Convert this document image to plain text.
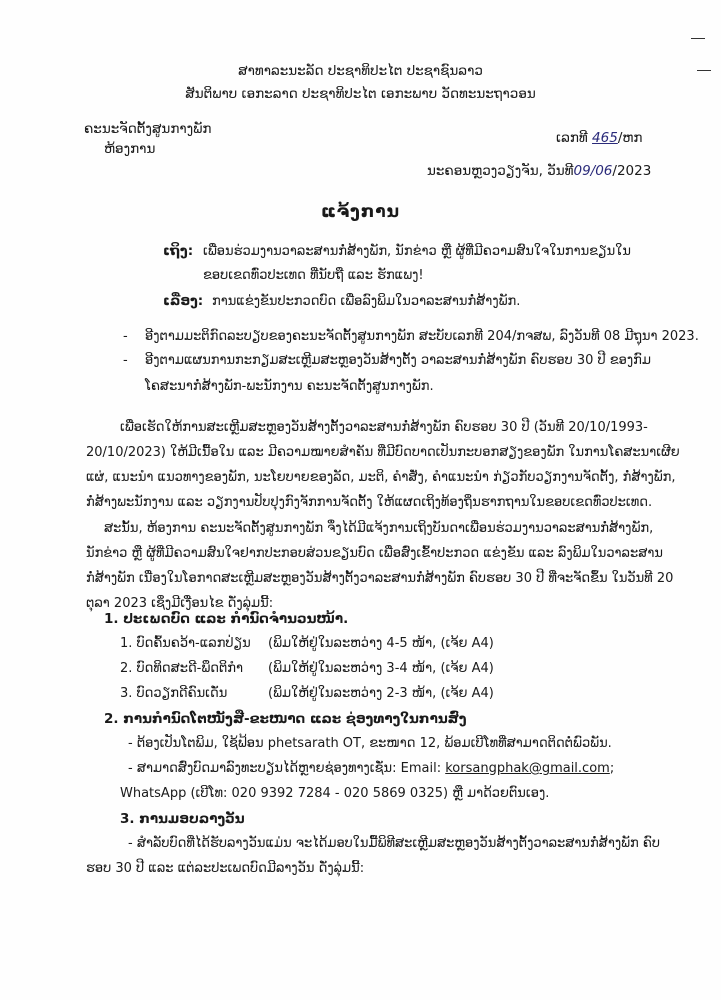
ສາທາລະນະລັດ ປະຊາທິປະໄຕ ປະຊາຊົນລາວ
ສັນຕິພາບ ເອກະລາດ ປະຊາທິປະໄຕ ເອກະພາບ ວັດທະນະຖາວອນ
ຄະນະຈັດຕັ້ງສູນກາງພັກ
ຫ້ອງການ
ເລກທີ 465/ຫກ
ນະຄອນຫຼວງວຽງຈັນ, ວັນທີ09/06/2023
ແຈ້ງການ
ເຖິງ: ເພື່ອນຮ່ວມງານວາລະສານກໍ່ສ້າງພັກ, ນັກຂ່າວ ຫຼື ຜູ້ທີ່ມີຄວາມສົນໃຈໃນການຂຽນໃນ
ຂອບເຂດທົ່ວປະເທດ ທີ່ນັບຖື ແລະ ຮັກແພງ!
ເລື່ອງ: ການແຂ່ງຂັນປະກວດບົດ ເພື່ອລົງພິມໃນວາລະສານກໍ່ສ້າງພັກ.
- ອີງຕາມມະຕິກົດລະບຽບຂອງຄະນະຈັດຕັ້ງສູນກາງພັກ ສະບັບເລກທີ 204/ກຈສພ, ລົງວັນທີ 08 ມີຖຸນາ 2023.
- ອີງຕາມແຜນການກະກຽມສະເຫຼີມສະຫຼອງວັນສ້າງຕັ້ງ ວາລະສານກໍ່ສ້າງພັກ ຄົບຮອບ 30 ປີ ຂອງກົມ
ໂຄສະນາກໍ່ສ້າງພັກ-ພະນັກງານ ຄະນະຈັດຕັ້ງສູນກາງພັກ.
ເພື່ອເຮັດໃຫ້ການສະເຫຼີມສະຫຼອງວັນສ້າງຕັ້ງວາລະສານກໍ່ສ້າງພັກ ຄົບຮອບ 30 ປີ (ວັນທີ 20/10/1993-
20/10/2023) ໃຫ້ມີເນື້ອໃນ ແລະ ມີຄວາມໝາຍສໍາຄັນ ທີ່ມີບົດບາດເປັນກະບອກສຽງຂອງພັກ ໃນການໂຄສະນາເຜີຍ
ແຜ່, ແນະນໍາ ແນວທາງຂອງພັກ, ນະໂຍບາຍຂອງລັດ, ມະຕິ, ຄໍາສັ່ງ, ຄໍາແນະນໍາ ກ່ຽວກັບວຽກງານຈັດຕັ້ງ, ກໍ່ສ້າງພັກ,
ກໍ່ສ້າງພະນັກງານ ແລະ ວຽກງານປັບປຸງກົງຈັກການຈັດຕັ້ງ ໃຫ້ແຜດເຖິງທ້ອງຖິ່ນຮາກຖານໃນຂອບເຂດທົ່ວປະເທດ.
ສະນັ້ນ, ຫ້ອງການ ຄະນະຈັດຕັ້ງສູນກາງພັກ ຈຶ່ງໄດ້ມີແຈ້ງການເຖິງບັນດາເພື່ອນຮ່ວມງານວາລະສານກໍ່ສ້າງພັກ,
ນັກຂ່າວ ຫຼື ຜູ້ທີ່ມີຄວາມສົນໃຈຢາກປະກອບສ່ວນຂຽນບົດ ເພື່ອສົ່ງເຂົ້າປະກວດ ແຂ່ງຂັນ ແລະ ລົງພິມໃນວາລະສານ
ກໍ່ສ້າງພັກ ເນື່ອງໃນໂອກາດສະເຫຼີມສະຫຼອງວັນສ້າງຕັ້ງວາລະສານກໍ່ສ້າງພັກ ຄົບຮອບ 30 ປີ ທີ່ຈະຈັດຂຶ້ນ ໃນວັນທີ 20
ຕຸລາ 2023 ເຊິ່ງມີເງື່ອນໄຂ ດັ່ງລຸ່ມນີ້:
1. ປະເພດບົດ ແລະ ກໍານົດຈໍານວນໜ້າ.
1. ບົດຄົ້ນຄວ້າ-ແລກປ່ຽນ (ພິມໃຫ້ຢູ່ໃນລະຫວ່າງ 4-5 ໜ້າ, (ເຈ້ຍ A4)
2. ບົດທິດສະດີ-ພຶດຕິກໍາ (ພິມໃຫ້ຢູ່ໃນລະຫວ່າງ 3-4 ໜ້າ, (ເຈ້ຍ A4)
3. ບົດວຽກດີຄົນເດັ່ນ	(ພິມໃຫ້ຢູ່ໃນລະຫວ່າງ 2-3 ໜ້າ, (ເຈ້ຍ A4)
2. ການກໍານົດໂຕໜັງສື-ຂະໜາດ ແລະ ຊ່ອງທາງໃນການສົ່ງ
- ຕ້ອງເປັນໂຕພິມ, ໃຊ້ຟ້ອນ phetsarath OT, ຂະໜາດ 12, ພ້ອມເບີໂທທີ່ສາມາດຕິດຕໍ່ພົວພັນ.
- ສາມາດສົ່ງບົດມາລົງທະບຽນໄດ້ຫຼາຍຊ່ອງທາງເຊັ່ນ: Email: korsangphak@gmail.com;
WhatsApp (ເບີໂທ: 020 9392 7284 - 020 5869 0325) ຫຼື ມາດ້ວຍຕົນເອງ.
3. ການມອບລາງວັນ
- ສໍາລັບບົດທີ່ໄດ້ຮັບລາງວັນແມ່ນ ຈະໄດ້ມອບໃນມື້ພິທີສະເຫຼີມສະຫຼອງວັນສ້າງຕັ້ງວາລະສານກໍ່ສ້າງພັກ ຄົບ
ຮອບ 30 ປີ ແລະ ແຕ່ລະປະເພດບົດມີລາງວັນ ດັ່ງລຸ່ມນີ້:
